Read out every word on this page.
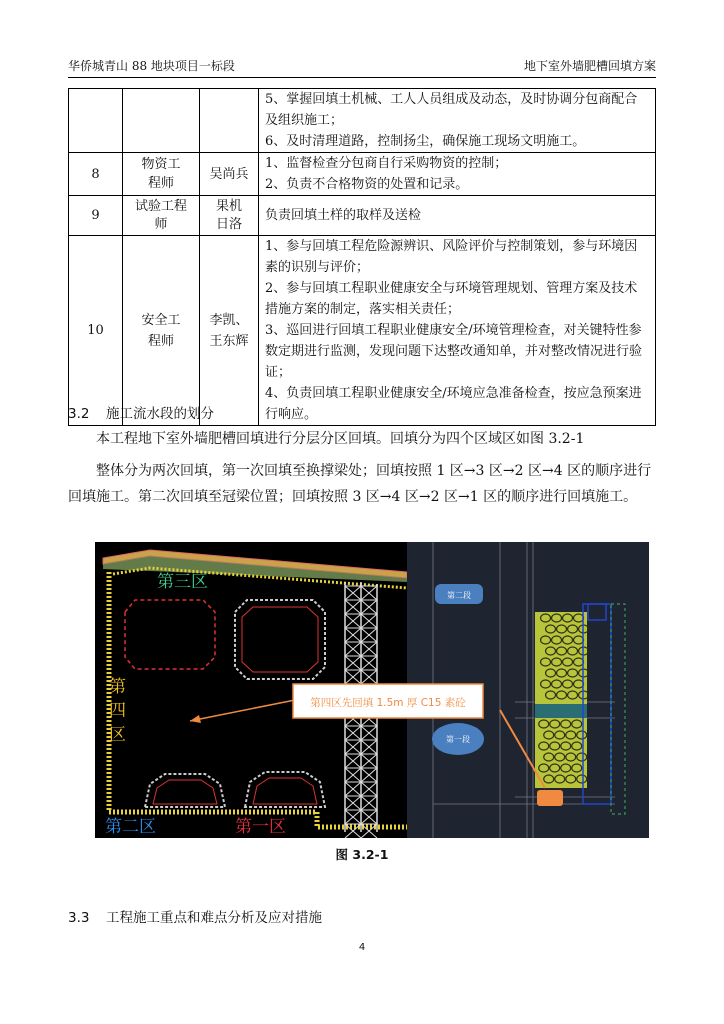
华侨城青山 88 地块项目一标段	地下室外墙肥槽回填方案

			5、掌握回填土机械、工人人员组成及动态，及时协调分包商配合及组织施工；
6、及时清理道路，控制扬尘，确保施工现场文明施工。

8	物资工程师	吴尚兵	1、监督检查分包商自行采购物资的控制；
2、负责不合格物资的处置和记录。

9	试验工程师	果机日洛	负责回填土样的取样及送检
10	安全工程师	李凯、王东辉	1、参与回填工程危险源辨识、风险评价与控制策划，参与环境因素的识别与评价；
2、参与回填工程职业健康安全与环境管理规划、管理方案及技术措施方案的制定，落实相关责任；
3、巡回进行回填工程职业健康安全/环境管理检查，对关键特性参数定期进行监测，发现问题下达整改通知单，并对整改情况进行验证；
4、负责回填工程职业健康安全/环境应急准备检查，按应急预案进行响应。
3.2 施工流水段的划分
本工程地下室外墙肥槽回填进行分层分区回填。回填分为四个区域区如图 3.2-1
整体分为两次回填，第一次回填至换撑梁处；回填按照 1 区→3 区→2 区→4 区的顺序进行回填施工。第二次回填至冠梁位置；回填按照 3 区→4 区→2 区→1 区的顺序进行回填施工。
第三区
第四区
第二区	第一区
第二段
第一段
第四区先回填 1.5m 厚 C15 素砼
图 3.2-1
3.3 工程施工重点和难点分析及应对措施
4
